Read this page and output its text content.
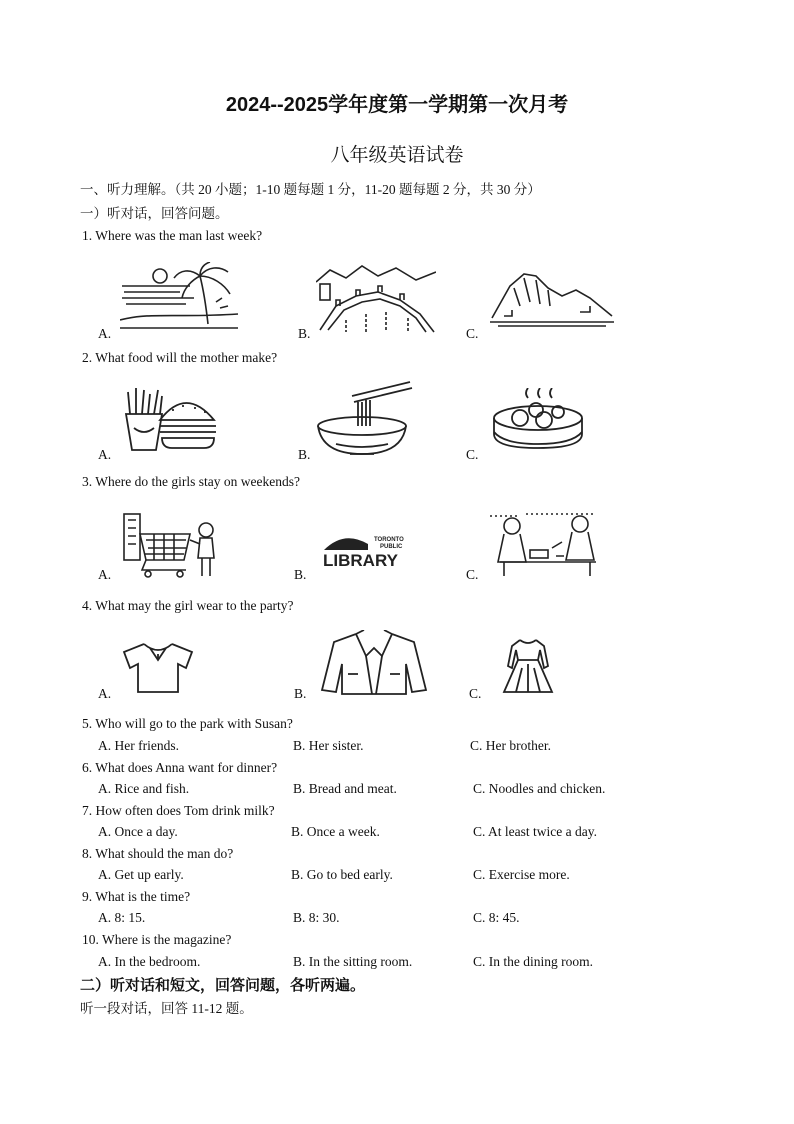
2024--2025学年度第一学期第一次月考
八年级英语试卷
一、听力理解。（共 20 小题；1-10 题每题 1 分，11-20 题每题 2 分，共 30 分）
一）听对话，回答问题。
1. Where was the man last week?
A.	B.	C.
2. What food will the mother make?
A.	B.	C.
3. Where do the girls stay on weekends?
A.	B.	C.
TORONTO
PUBLIC
LIBRARY
4. What may the girl wear to the party?
A.	B.	C.
5. Who will go to the park with Susan?
A. Her friends.	B. Her sister.	C. Her brother.
6. What does Anna want for dinner?
A. Rice and fish.	B. Bread and meat.	C. Noodles and chicken.
7. How often does Tom drink milk?
A. Once a day.	B. Once a week.	C. At least twice a day.
8. What should the man do?
A. Get up early.	B. Go to bed early.	C. Exercise more.
9. What is the time?
A. 8: 15.	B. 8: 30.	C. 8: 45.
10. Where is the magazine?
A. In the bedroom.	B. In the sitting room.	C. In the dining room.
二）听对话和短文，回答问题，各听两遍。
听一段对话，回答 11-12 题。
